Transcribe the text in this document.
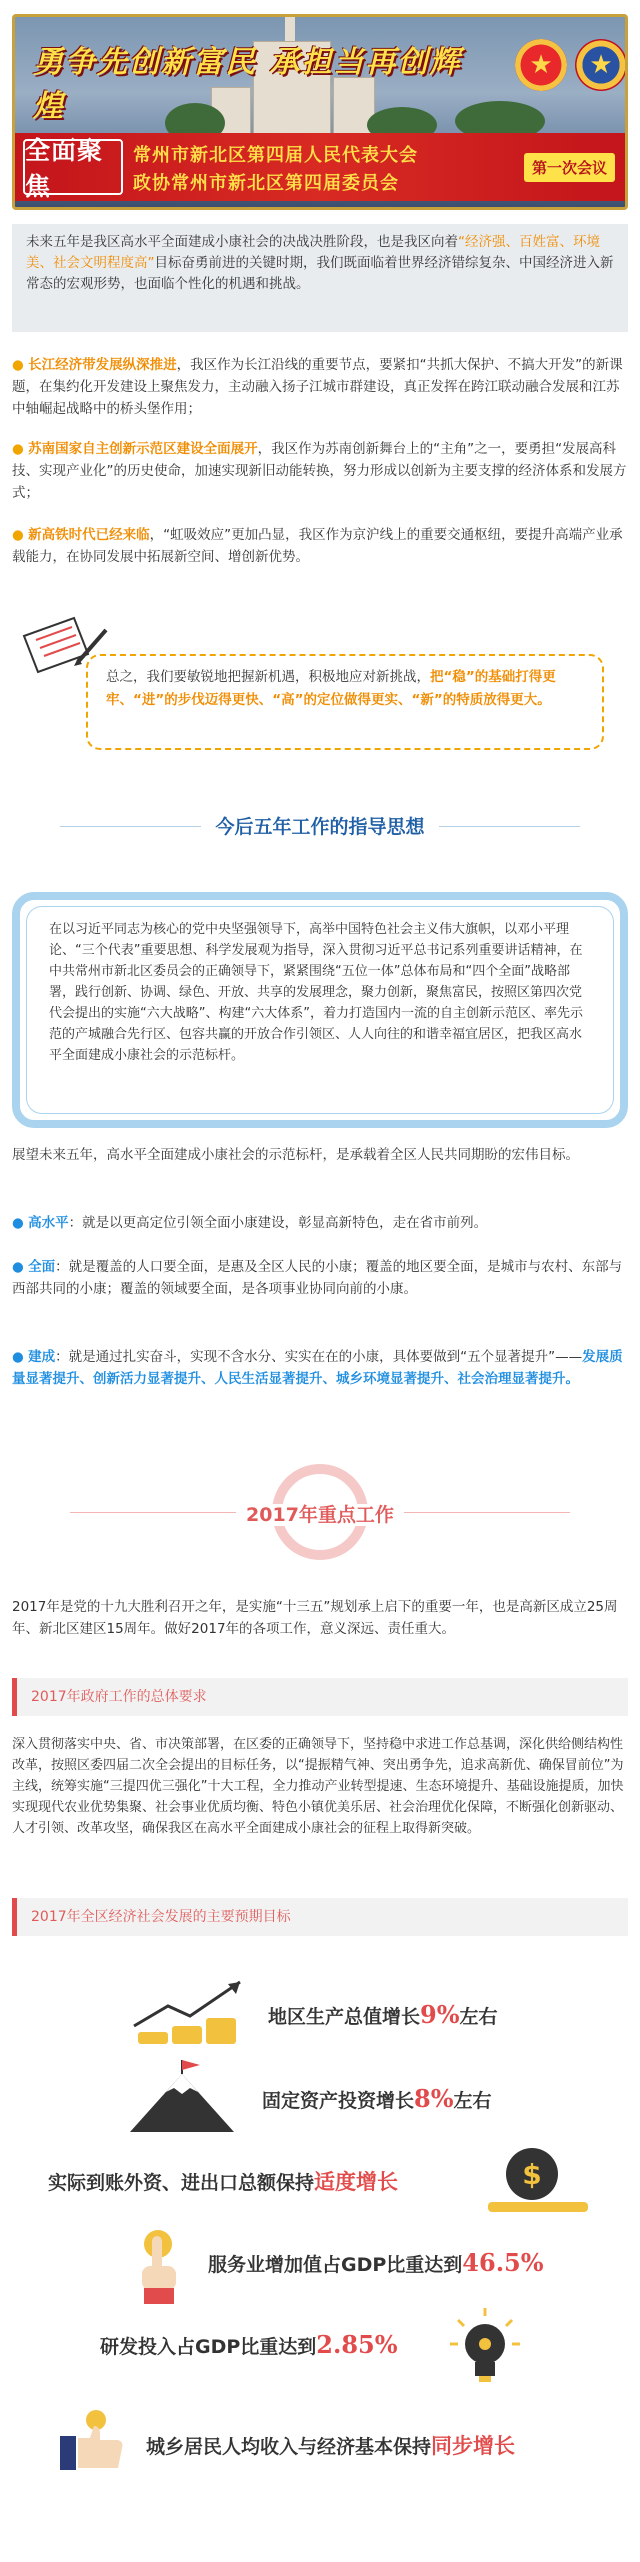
勇争先创新富民 承担当再创辉煌
★ ★
全面聚焦
常州市新北区第四届人民代表大会
政协常州市新北区第四届委员会
第一次会议
未来五年是我区高水平全面建成小康社会的决战决胜阶段，也是我区向着“经济强、百姓富、环境美、社会文明程度高”目标奋勇前进的关键时期，我们既面临着世界经济错综复杂、中国经济进入新常态的宏观形势，也面临个性化的机遇和挑战。
● 长江经济带发展纵深推进，我区作为长江沿线的重要节点，要紧扣“共抓大保护、不搞大开发”的新课题，在集约化开发建设上聚焦发力，主动融入扬子江城市群建设，真正发挥在跨江联动融合发展和江苏中轴崛起战略中的桥头堡作用；
● 苏南国家自主创新示范区建设全面展开，我区作为苏南创新舞台上的“主角”之一，要勇担“发展高科技、实现产业化”的历史使命，加速实现新旧动能转换，努力形成以创新为主要支撑的经济体系和发展方式；
● 新高铁时代已经来临，“虹吸效应”更加凸显，我区作为京沪线上的重要交通枢纽，要提升高端产业承载能力，在协同发展中拓展新空间、增创新优势。
总之，我们要敏锐地把握新机遇，积极地应对新挑战，把“稳”的基础打得更牢、“进”的步伐迈得更快、“高”的定位做得更实、“新”的特质放得更大。
今后五年工作的指导思想
在以习近平同志为核心的党中央坚强领导下，高举中国特色社会主义伟大旗帜，以邓小平理论、“三个代表”重要思想、科学发展观为指导，深入贯彻习近平总书记系列重要讲话精神，在中共常州市新北区委员会的正确领导下，紧紧围绕“五位一体”总体布局和“四个全面”战略部署，践行创新、协调、绿色、开放、共享的发展理念，聚力创新，聚焦富民，按照区第四次党代会提出的实施“六大战略”、构建“六大体系”，着力打造国内一流的自主创新示范区、率先示范的产城融合先行区、包容共赢的开放合作引领区、人人向往的和谐幸福宜居区，把我区高水平全面建成小康社会的示范标杆。
展望未来五年，高水平全面建成小康社会的示范标杆，是承载着全区人民共同期盼的宏伟目标。
● 高水平：就是以更高定位引领全面小康建设，彰显高新特色，走在省市前列。
● 全面：就是覆盖的人口要全面，是惠及全区人民的小康；覆盖的地区要全面，是城市与农村、东部与西部共同的小康；覆盖的领域要全面，是各项事业协同向前的小康。
● 建成：就是通过扎实奋斗，实现不含水分、实实在在的小康，具体要做到“五个显著提升”——发展质量显著提升、创新活力显著提升、人民生活显著提升、城乡环境显著提升、社会治理显著提升。
2017年重点工作
2017年是党的十九大胜利召开之年，是实施“十三五”规划承上启下的重要一年，也是高新区成立25周年、新北区建区15周年。做好2017年的各项工作，意义深远、责任重大。
2017年政府工作的总体要求
深入贯彻落实中央、省、市决策部署，在区委的正确领导下，坚持稳中求进工作总基调，深化供给侧结构性改革，按照区委四届二次全会提出的目标任务，以“提振精气神、突出勇争先，追求高新优、确保冒前位”为主线，统筹实施“三提四优三强化”十大工程，全力推动产业转型提速、生态环境提升、基础设施提质，加快实现现代农业优势集聚、社会事业优质均衡、特色小镇优美乐居、社会治理优化保障，不断强化创新驱动、人才引领、改革攻坚，确保我区在高水平全面建成小康社会的征程上取得新突破。
2017年全区经济社会发展的主要预期目标
地区生产总值增长9%左右
固定资产投资增长8%左右
实际到账外资、进出口总额保持适度增长	$
服务业增加值占GDP比重达到46.5%
研发投入占GDP比重达到2.85%
城乡居民人均收入与经济基本保持同步增长
